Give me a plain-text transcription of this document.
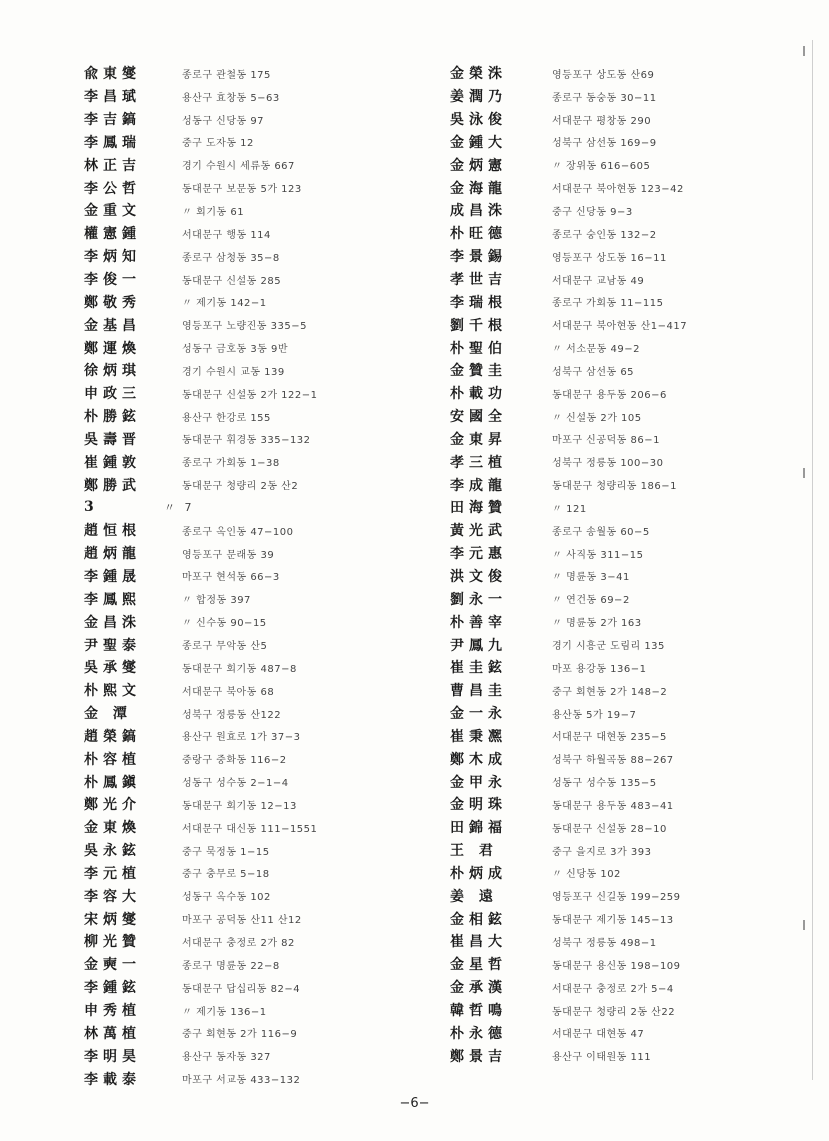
兪東燮	종로구 관철동 175
李昌珷	용산구 효창동 5−63
李吉鎬	성동구 신당동 97
李鳳瑞	중구 도자동 12
林正吉	경기 수원시 세류동 667
李公哲	동대문구 보문동 5가 123
金重文	〃 회기동 61
權憲鍾	서대문구 행동 114
李炳知	종로구 삼청동 35−8
李俊一	동대문구 신설동 285
鄭敬秀	〃 제기동 142−1
金基昌	영등포구 노량진동 335−5
鄭運煥	성동구 금호동 3동 9반
徐炳琪	경기 수원시 교동 139
申政三	동대문구 신설동 2가 122−1
朴勝鉉	용산구 한강로 155
吳壽晋	동대문구 휘경동 335−132
崔鍾敦	종로구 가회동 1−38
鄭勝武	동대문구 청량리 2동 산2
3	〃 7
趙恒根	종로구 옥인동 47−100
趙炳龍	영등포구 문래동 39
李鍾晟	마포구 현석동 66−3
李鳳熙	〃 합정동 397
金昌洙	〃 신수동 90−15
尹聖泰	종로구 무악동 산5
吳承燮	동대문구 회기동 487−8
朴熙文	서대문구 북아동 68
金 潭	성북구 정릉동 산122
趙榮鎬	용산구 원효로 1가 37−3
朴容植	중랑구 중화동 116−2
朴鳳鎭	성동구 성수동 2−1−4
鄭光介	동대문구 회기동 12−13
金東煥	서대문구 대신동 111−1551
吳永鉉	중구 묵정동 1−15
李元植	중구 충무로 5−18
李容大	성동구 옥수동 102
宋炳燮	마포구 공덕동 산11 산12
柳光贊	서대문구 충정로 2가 82
金奭一	종로구 명륜동 22−8
李鍾鉉	동대문구 답십리동 82−4
申秀植	〃 제기동 136−1
林萬植	중구 회현동 2가 116−9
李明昊	용산구 동자동 327
李載泰	마포구 서교동 433−132
金榮洙	영등포구 상도동 산69
姜潤乃	종로구 동숭동 30−11
吳泳俊	서대문구 평창동 290
金鍾大	성북구 삼선동 169−9
金炳憲	〃 장위동 616−605
金海龍	서대문구 북아현동 123−42
成昌洙	중구 신당동 9−3
朴旺德	종로구 숭인동 132−2
李景錫	영등포구 상도동 16−11
孝世吉	서대문구 교남동 49
李瑞根	종로구 가회동 11−115
劉千根	서대문구 북아현동 산1−417
朴聖伯	〃 서소문동 49−2
金贊圭	성북구 삼선동 65
朴載功	동대문구 용두동 206−6
安國全	〃 신설동 2가 105
金東昇	마포구 신공덕동 86−1
孝三植	성북구 정릉동 100−30
李成龍	동대문구 청량리동 186−1
田海贊	〃 121
黃光武	종로구 송월동 60−5
李元惠	〃 사직동 311−15
洪文俊	〃 명륜동 3−41
劉永一	〃 연건동 69−2
朴善宰	〃 명륜동 2가 163
尹鳳九	경기 시흥군 도림리 135
崔圭鉉	마포 용강동 136−1
曹昌圭	중구 회현동 2가 148−2
金一永	용산동 5가 19−7
崔秉凞	서대문구 대현동 235−5
鄭木成	성북구 하월곡동 88−267
金甲永	성동구 성수동 135−5
金明珠	동대문구 용두동 483−41
田錦福	동대문구 신설동 28−10
王 君	중구 을지로 3가 393
朴炳成	〃 신당동 102
姜 遠	영등포구 신길동 199−259
金相鉉	동대문구 제기동 145−13
崔昌大	성북구 정릉동 498−1
金星哲	동대문구 용신동 198−109
金承漢	서대문구 충정로 2가 5−4
韓哲鳴	동대문구 청량리 2동 산22
朴永德	서대문구 대현동 47
鄭景吉	용산구 이태원동 111
−6−
